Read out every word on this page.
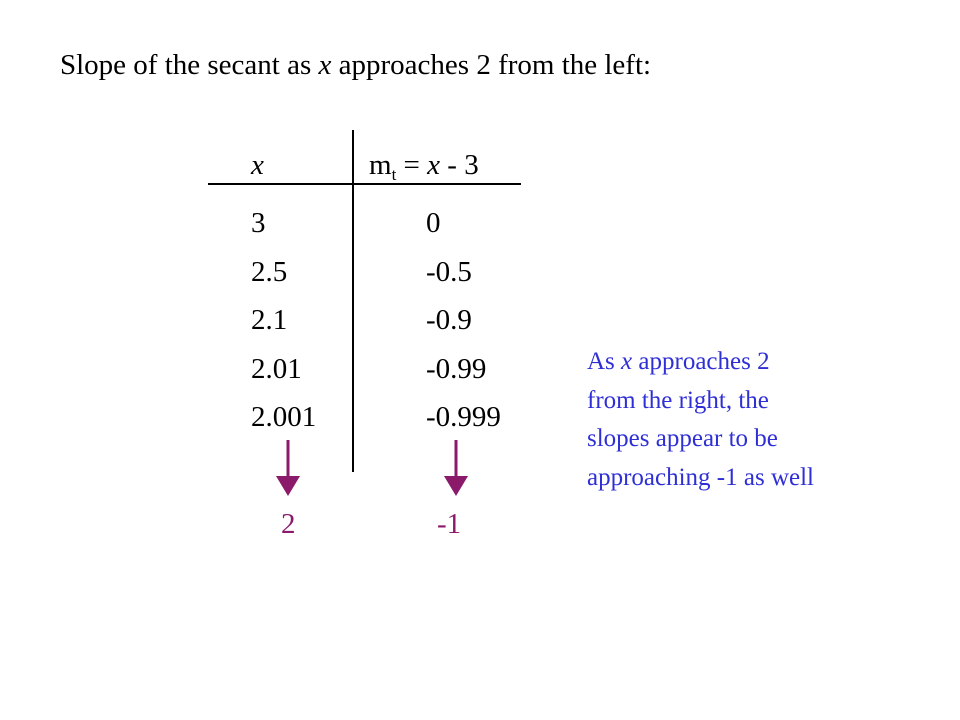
Slope of the secant as x approaches 2 from the left:
x	$m_t = x - 3$
3
2.5
2.1
2.01
2.001
0
-0.5
-0.9
-0.99
-0.999
2	-1
As x approaches 2
from the right, the
slopes appear to be
approaching -1 as well
